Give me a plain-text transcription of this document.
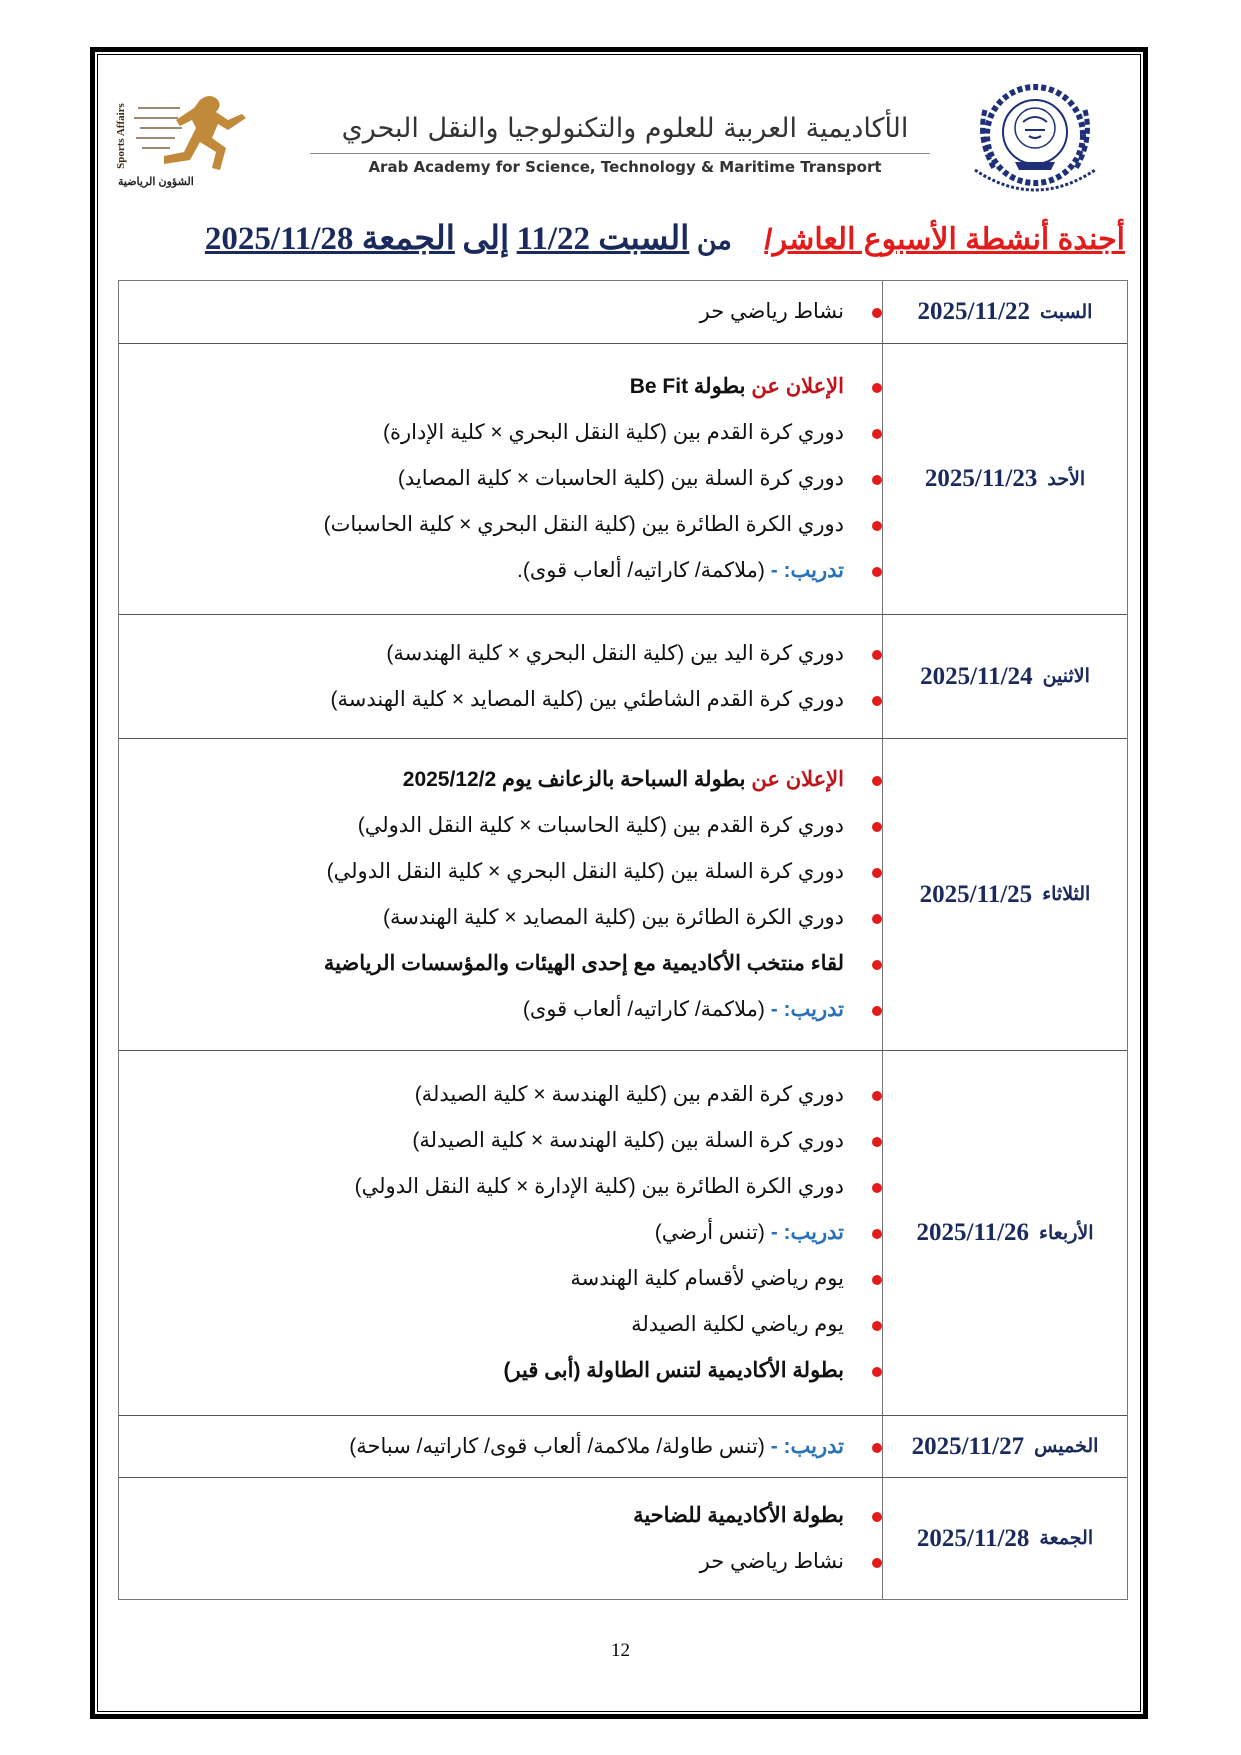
Sports Affairs
الشؤون الرياضية
الأكاديمية العربية للعلوم والتكنولوجيا والنقل البحري
Arab Academy for Science, Technology & Maritime Transport
أجندة أنشطة الأسبوع العاشر/ من السبت 11/22 إلى الجمعة 2025/11/28
السبت
2025/11/22
نشاط رياضي حر
الأحد
2025/11/23
الإعلان عن بطولة Be Fit
دوري كرة القدم بين (كلية النقل البحري × كلية الإدارة)
دوري كرة السلة بين (كلية الحاسبات × كلية المصايد)
دوري الكرة الطائرة بين (كلية النقل البحري × كلية الحاسبات)
تدريب: - (ملاكمة/ كاراتيه/ ألعاب قوى).
الاثنين
2025/11/24
دوري كرة اليد بين (كلية النقل البحري × كلية الهندسة)
دوري كرة القدم الشاطئي بين (كلية المصايد × كلية الهندسة)
الثلاثاء
2025/11/25
الإعلان عن بطولة السباحة بالزعانف يوم 2025/12/2
دوري كرة القدم بين (كلية الحاسبات × كلية النقل الدولي)
دوري كرة السلة بين (كلية النقل البحري × كلية النقل الدولي)
دوري الكرة الطائرة بين (كلية المصايد × كلية الهندسة)
لقاء منتخب الأكاديمية مع إحدى الهيئات والمؤسسات الرياضية
تدريب: - (ملاكمة/ كاراتيه/ ألعاب قوى)
الأربعاء
2025/11/26
دوري كرة القدم بين (كلية الهندسة × كلية الصيدلة)
دوري كرة السلة بين (كلية الهندسة × كلية الصيدلة)
دوري الكرة الطائرة بين (كلية الإدارة × كلية النقل الدولي)
تدريب: - (تنس أرضي)
يوم رياضي لأقسام كلية الهندسة
يوم رياضي لكلية الصيدلة
بطولة الأكاديمية لتنس الطاولة (أبى قير)
الخميس
2025/11/27
تدريب: - (تنس طاولة/ ملاكمة/ ألعاب قوى/ كاراتيه/ سباحة)
الجمعة
2025/11/28
بطولة الأكاديمية للضاحية
نشاط رياضي حر
12
